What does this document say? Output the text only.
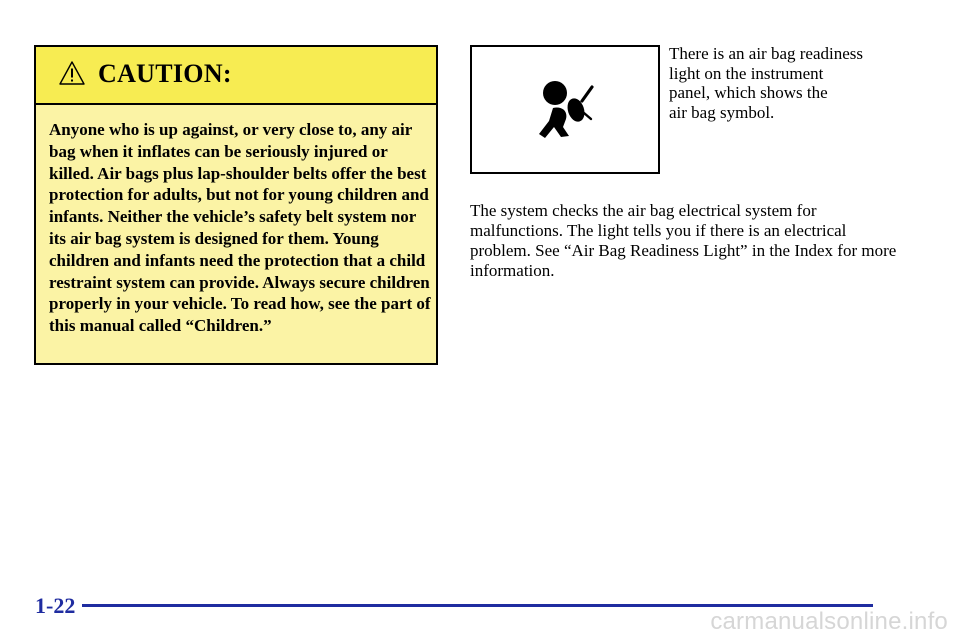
CAUTION:
Anyone who is up against, or very close to, any air bag when it inflates can be seriously injured or killed. Air bags plus lap-shoulder belts offer the best protection for adults, but not for young children and infants. Neither the vehicle’s safety belt system nor its air bag system is designed for them. Young children and infants need the protection that a child restraint system can provide. Always secure children properly in your vehicle. To read how, see the part of this manual called “Children.”
There is an air bag readiness
light on the instrument
panel, which shows the
air bag symbol.
The system checks the air bag electrical system for malfunctions. The light tells you if there is an electrical problem. See “Air Bag Readiness Light” in the Index for more information.
1-22
carmanualsonline.info
